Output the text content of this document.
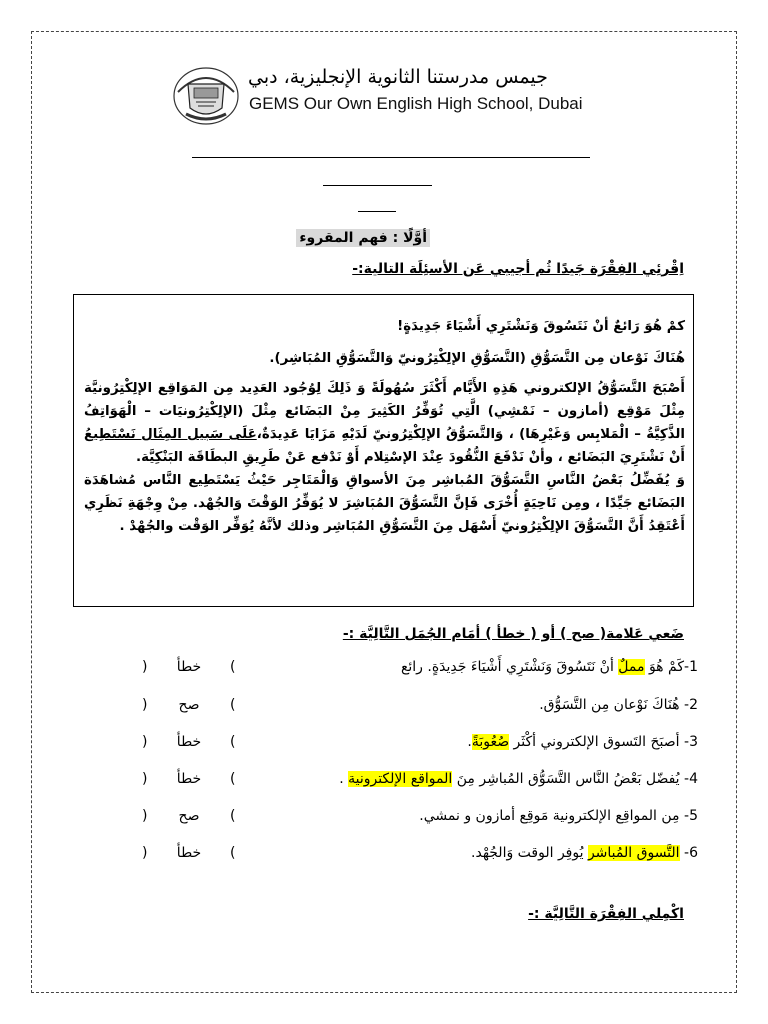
جيمس مدرستنا الثانوية الإنجليزية، دبي
GEMS Our Own English High School, Dubai
أوَّلًا : فهم المقروء
اِقْرئِي الفِقْرَة جَيدًا ثُم أجيبي عَن الأسئِلَة التالية:-

كمْ هُوَ رَائعٌ أنْ نَتَسُوقَ وَنَشْتَرِي أَشْيَاءَ جَدِيدَةٍ!

هُنَاكَ نَوْعان مِن التَّسَوُّقِ (التَّسَوُّقِ الإلِكْتِرُونيّ وَالتَّسَوُّقِ المُبَاشِر).

أَصْبَحَ التَّسَوُّقُ الإلكتروني هَذِهِ الأَيَّام أَكْثَرَ سُهُولَةً وَ ذَلِكَ لِوُجُود العَدِيد مِن المَوَاقِع الإلِكْتِرُونيَّة مِثْلَ مَوْقِع (أمازون – نَمْشِي) الَّتِي تُوَفِّرُ الكَثِيرَ مِنْ البَضَائع مِثْلَ (الإلِكْتِرُونيَات – الْهَوَاتِفُ الذَّكِيَّةُ – الْمَلابِس وَغَيْرِهَا) ، وَالتَّسَوُّقُ الإلِكْتِرُونيّ لَدَيْهِ مَزَايَا عَدِيدَةٌ،عَلَى سَبيل المِثَال نَسْتَطِيعُ أَنْ نَشْتَرِيَ البَضَائع ، وأنْ نَدْفَعَ النُّقُودَ عِنْدَ الإسْتِلام أَوْ نَدْفع عَنْ طَرِيقِ البطَاقَة البَنْكِيَّة.

وَ يُفَضِّلُ بَعْضُ النَّاسِ التَّسَوُّقَ المُباشِر مِنَ الأسواقِ وَالْمَتَاجِر حَيْثُ يَسْتَطِيع النَّاس مُشاهَدَة البَضَائع جَيِّدًا ، ومِن نَاحِيَةٍ أُخْرَى فَإنَّ التَّسَوُّقَ المُبَاشِرَ لا يُوَفِّرُ الوَقْتَ وَالجُهْد. مِنْ وِجْهَةِ نَظَرِي أَعْتَقِدُ أَنَّ التَّسَوُّقَ الإلِكْتِرُونيّ أَسْهَل مِنَ التَّسَوُّقِ المُبَاشِر وذلك لأنَّهُ يُوَفِّر الوَقْت والجُهْدْ .

ضَعي عَلامة( صح ) أو ( خطأ ) أمَام الجُمَل التَّالِيَّة :-
1-كَمْ هُوَ مملٌ أنْ نَتَسُوقَ وَنَشْتَرِي أَشْيَاءَ جَدِيدَةٍ. رائع
(
خطأ
)
2- هُنَاكَ نَوْعان مِن التَّسَوُّق.
(
صح
)
3- أصبَحَ التَسوق الإلكتروني أكْثَر صُعُوبَةً.
(
خطأ
)
4- يُفضّل بَعْضُ النَّاس التَّسَوُّق المُباشِر مِنَ المواقع الإلكترونية .
(
خطأ
)
5- مِن المواقِع الإلكترونية مَوقِع أمازون و نمشي.
(
صح
)
6- التَّسوق المُباشر يُوفِر الوقت وَالجُهْد.
(
خطأ
)
اكْمِلي الفِقْرَة التَّالِيَّة :-
